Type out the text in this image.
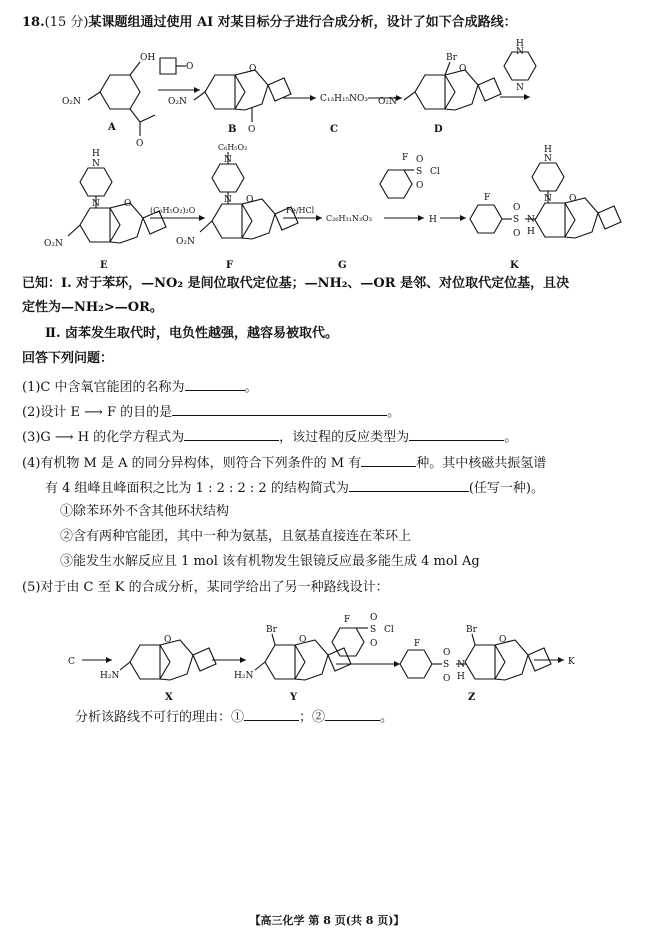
18.(15 分)某课题组通过使用 AI 对某目标分子进行合成分析，设计了如下合成路线：
OH
O₂N
O
O
O₂N
O
O
C₁₃H₁₅NO₃
Br
O₂N
O
H
N
N
A	B	C	D
H
N
N
O₂N
O
E
(C₆H₅O₂)₂O
C₆H₅O₂
N
N
O₂N
O
F
Fe/HCl
C₂₆H₃₁N₃O₃
G
F
S Cl
O
O
H
F
S
O
O
N
H
H
N
N O
K
C
H₂N
O
X
Br
H₂N
O
Y
F
S Cl
O
O	F
S
O
O
N
H
Br
O
Z
K
已知：Ⅰ. 对于苯环，—NO₂ 是间位取代定位基；—NH₂、—OR 是邻、对位取代定位基，且决
定性为—NH₂>—OR。
Ⅱ. 卤苯发生取代时，电负性越强，越容易被取代。
回答下列问题：
(1)C 中含氧官能团的名称为	。
(2)设计 E ⟶ F 的目的是	。
(3)G ⟶ H 的化学方程式为	，该过程的反应类型为	。
(4)有机物 M 是 A 的同分异构体，则符合下列条件的 M 有	种。其中核磁共振氢谱
有 4 组峰且峰面积之比为 1 : 2 : 2 : 2 的结构简式为	(任写一种)。
①除苯环外不含其他环状结构
②含有两种官能团，其中一种为氨基，且氨基直接连在苯环上
③能发生水解反应且 1 mol 该有机物发生银镜反应最多能生成 4 mol Ag
(5)对于由 C 至 K 的合成分析，某同学给出了另一种路线设计：
分析该路线不可行的理由：①	；②	。
【高三化学 第 8 页(共 8 页)】
